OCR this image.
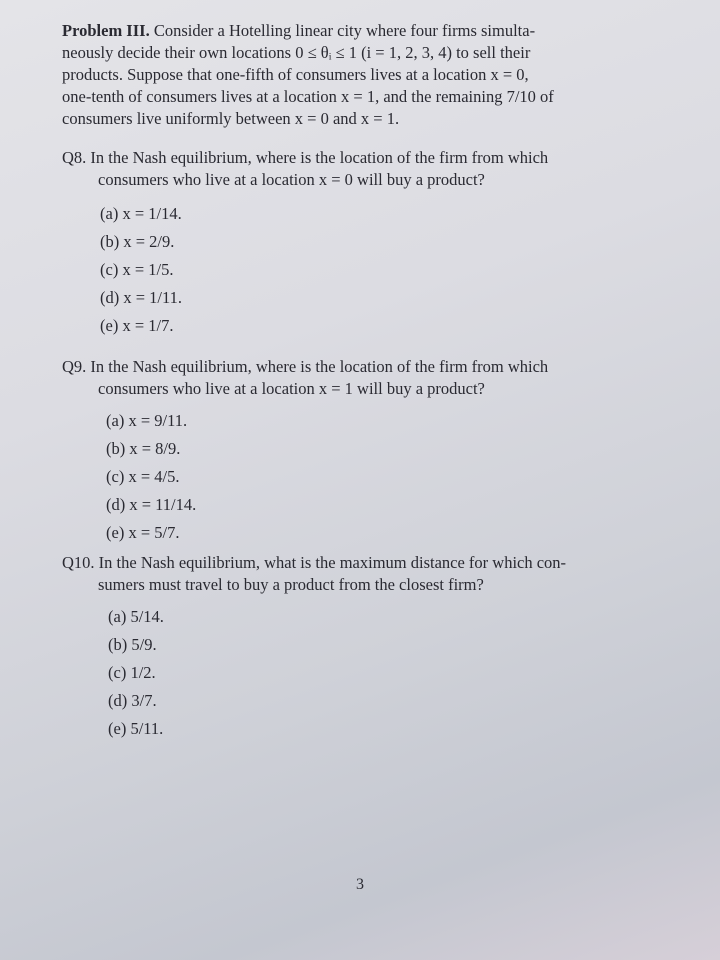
Problem III. Consider a Hotelling linear city where four firms simulta-
neously decide their own locations 0 ≤ θᵢ ≤ 1 (i = 1, 2, 3, 4) to sell their
products. Suppose that one-fifth of consumers lives at a location x = 0,
one-tenth of consumers lives at a location x = 1, and the remaining 7/10 of
consumers live uniformly between x = 0 and x = 1.
Q8. In the Nash equilibrium, where is the location of the firm from which
consumers who live at a location x = 0 will buy a product?
(a) x = 1/14.
(b) x = 2/9.
(c) x = 1/5.
(d) x = 1/11.
(e) x = 1/7.
Q9. In the Nash equilibrium, where is the location of the firm from which
consumers who live at a location x = 1 will buy a product?
(a) x = 9/11.
(b) x = 8/9.
(c) x = 4/5.
(d) x = 11/14.
(e) x = 5/7.
Q10. In the Nash equilibrium, what is the maximum distance for which con-
sumers must travel to buy a product from the closest firm?
(a) 5/14.
(b) 5/9.
(c) 1/2.
(d) 3/7.
(e) 5/11.
3
